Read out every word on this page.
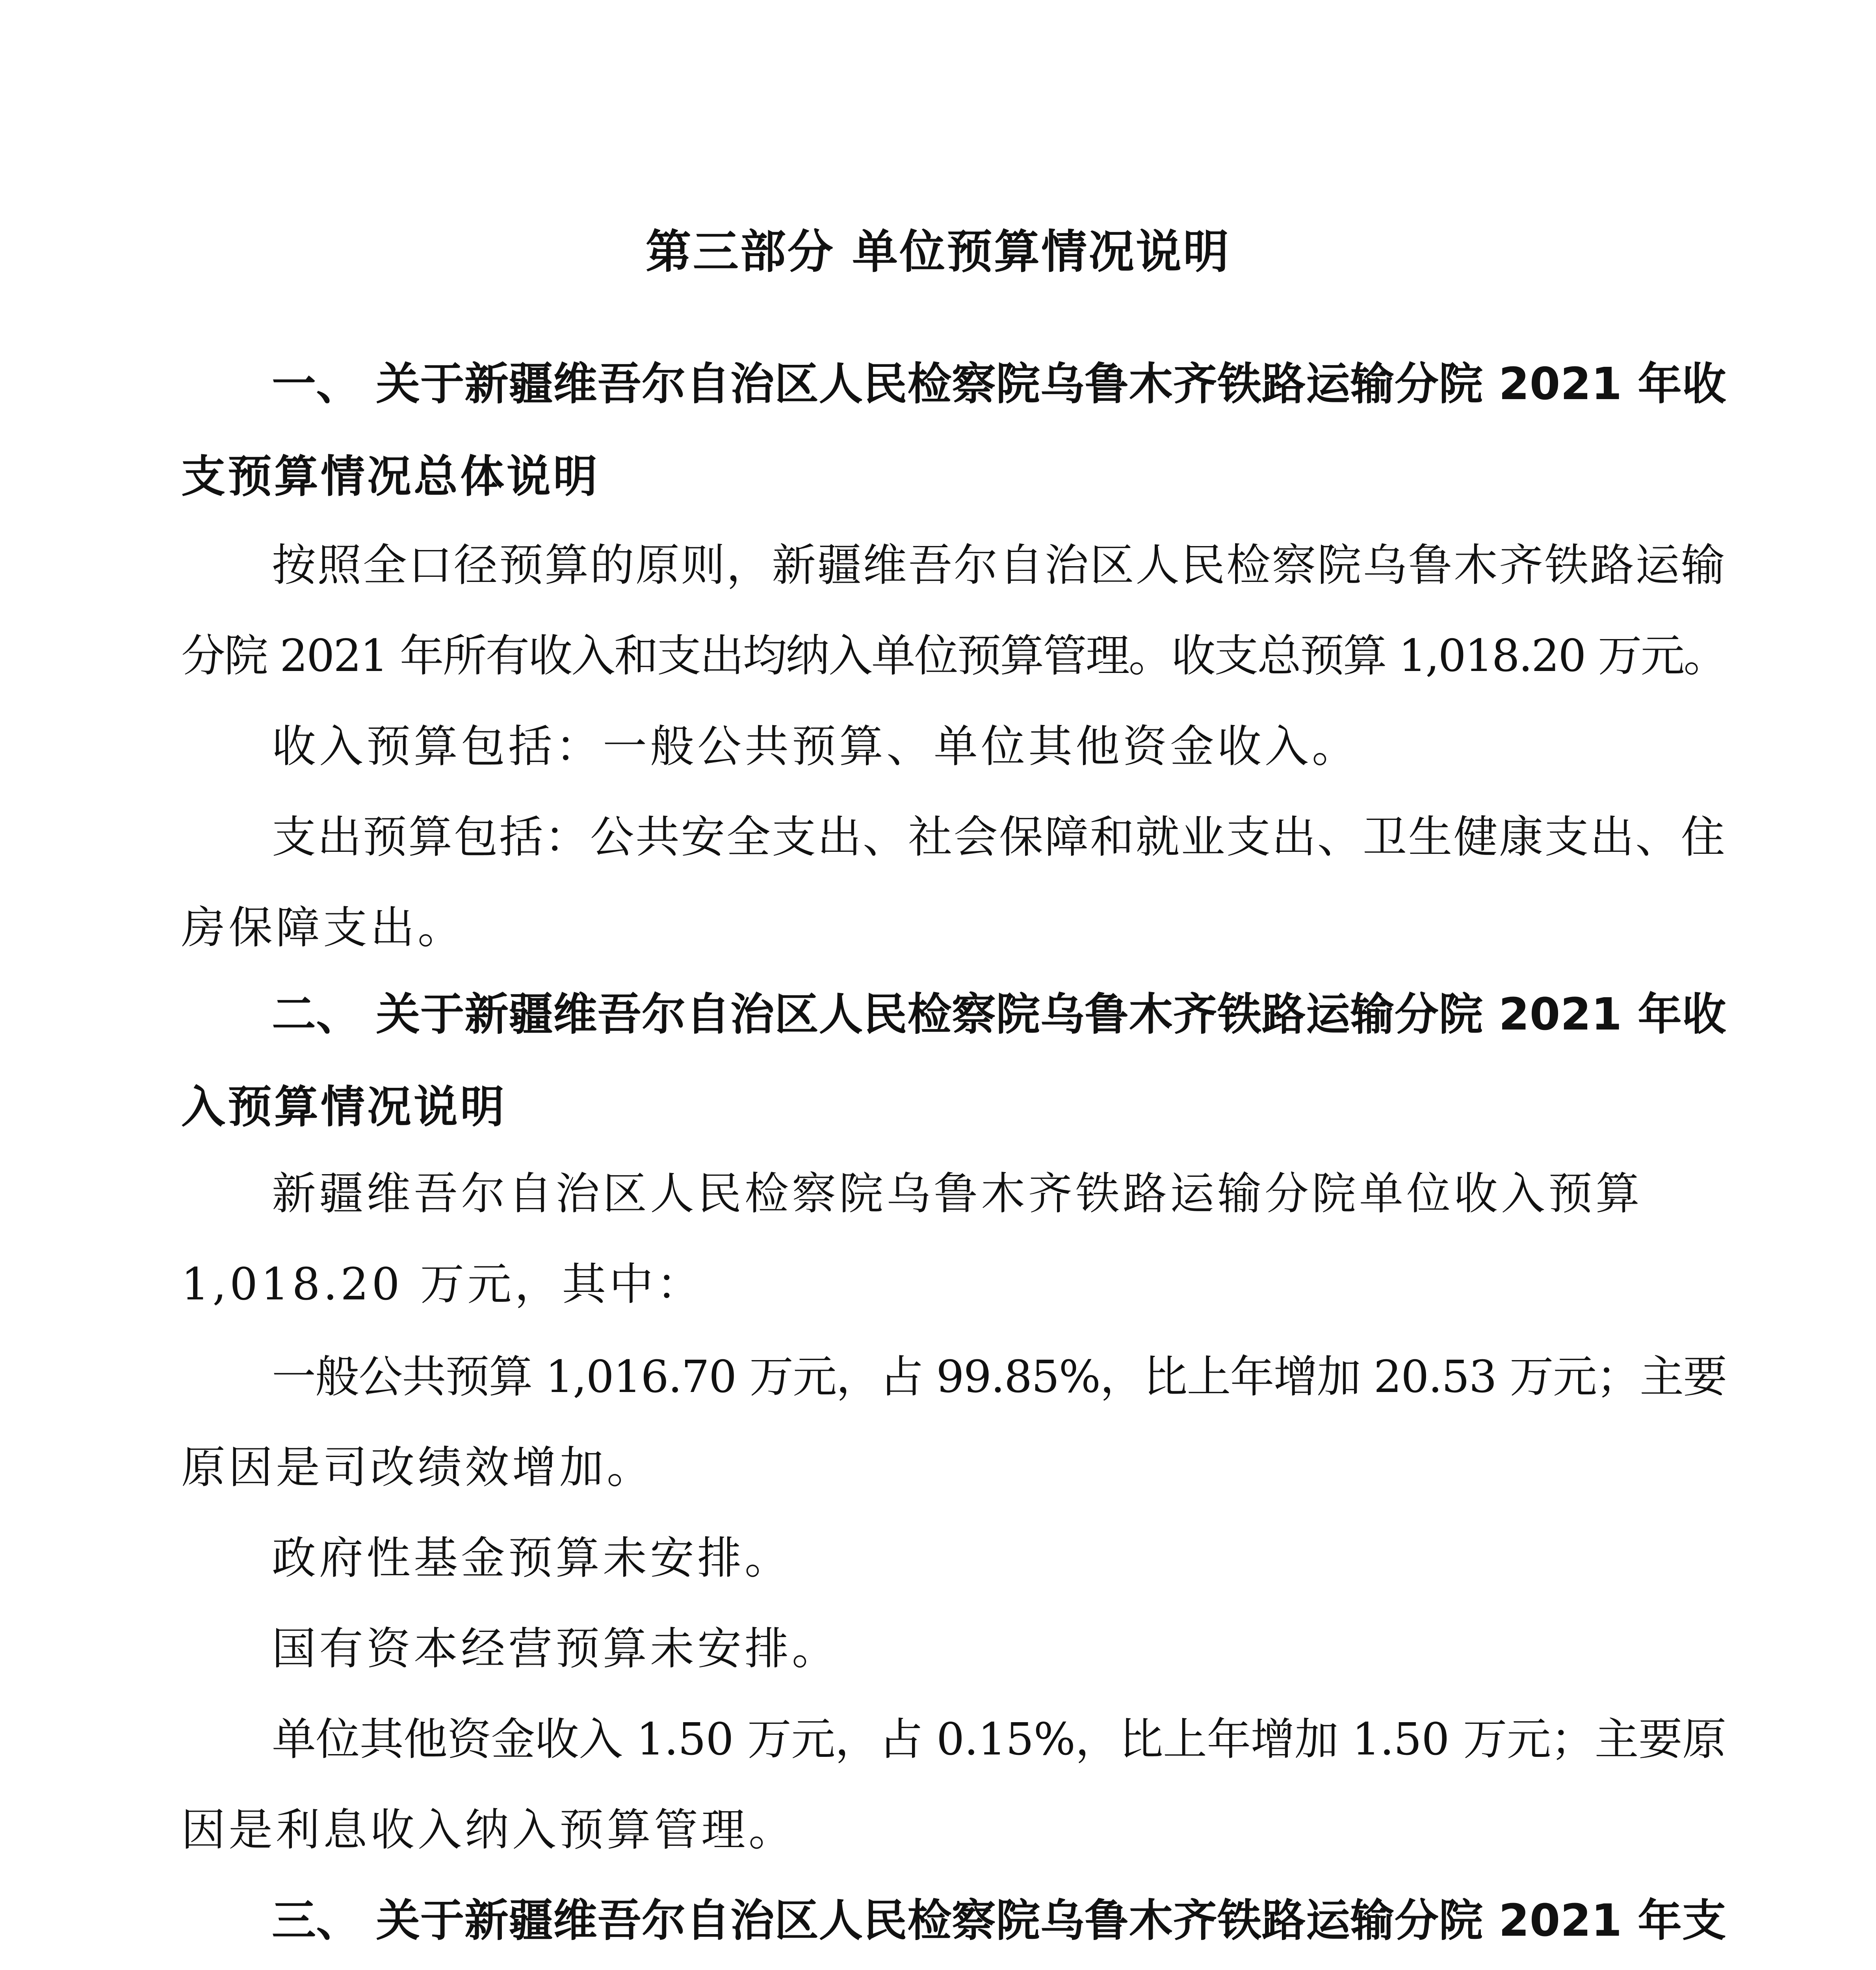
第三部分 单位预算情况说明
一、 关于新疆维吾尔自治区人民检察院乌鲁木齐铁路运输分院 2021 年收
支预算情况总体说明
按照全口径预算的原则，新疆维吾尔自治区人民检察院乌鲁木齐铁路运输
分院 2021 年所有收入和支出均纳入单位预算管理。收支总预算 1,018.20 万元。
收入预算包括：一般公共预算、单位其他资金收入。
支出预算包括：公共安全支出、社会保障和就业支出、卫生健康支出、住
房保障支出。
二、 关于新疆维吾尔自治区人民检察院乌鲁木齐铁路运输分院 2021 年收
入预算情况说明
新疆维吾尔自治区人民检察院乌鲁木齐铁路运输分院单位收入预算
1,018.20 万元，其中：
一般公共预算 1,016.70 万元，占 99.85%，比上年增加 20.53 万元；主要
原因是司改绩效增加。
政府性基金预算未安排。
国有资本经营预算未安排。
单位其他资金收入 1.50 万元，占 0.15%，比上年增加 1.50 万元；主要原
因是利息收入纳入预算管理。
三、 关于新疆维吾尔自治区人民检察院乌鲁木齐铁路运输分院 2021 年支
